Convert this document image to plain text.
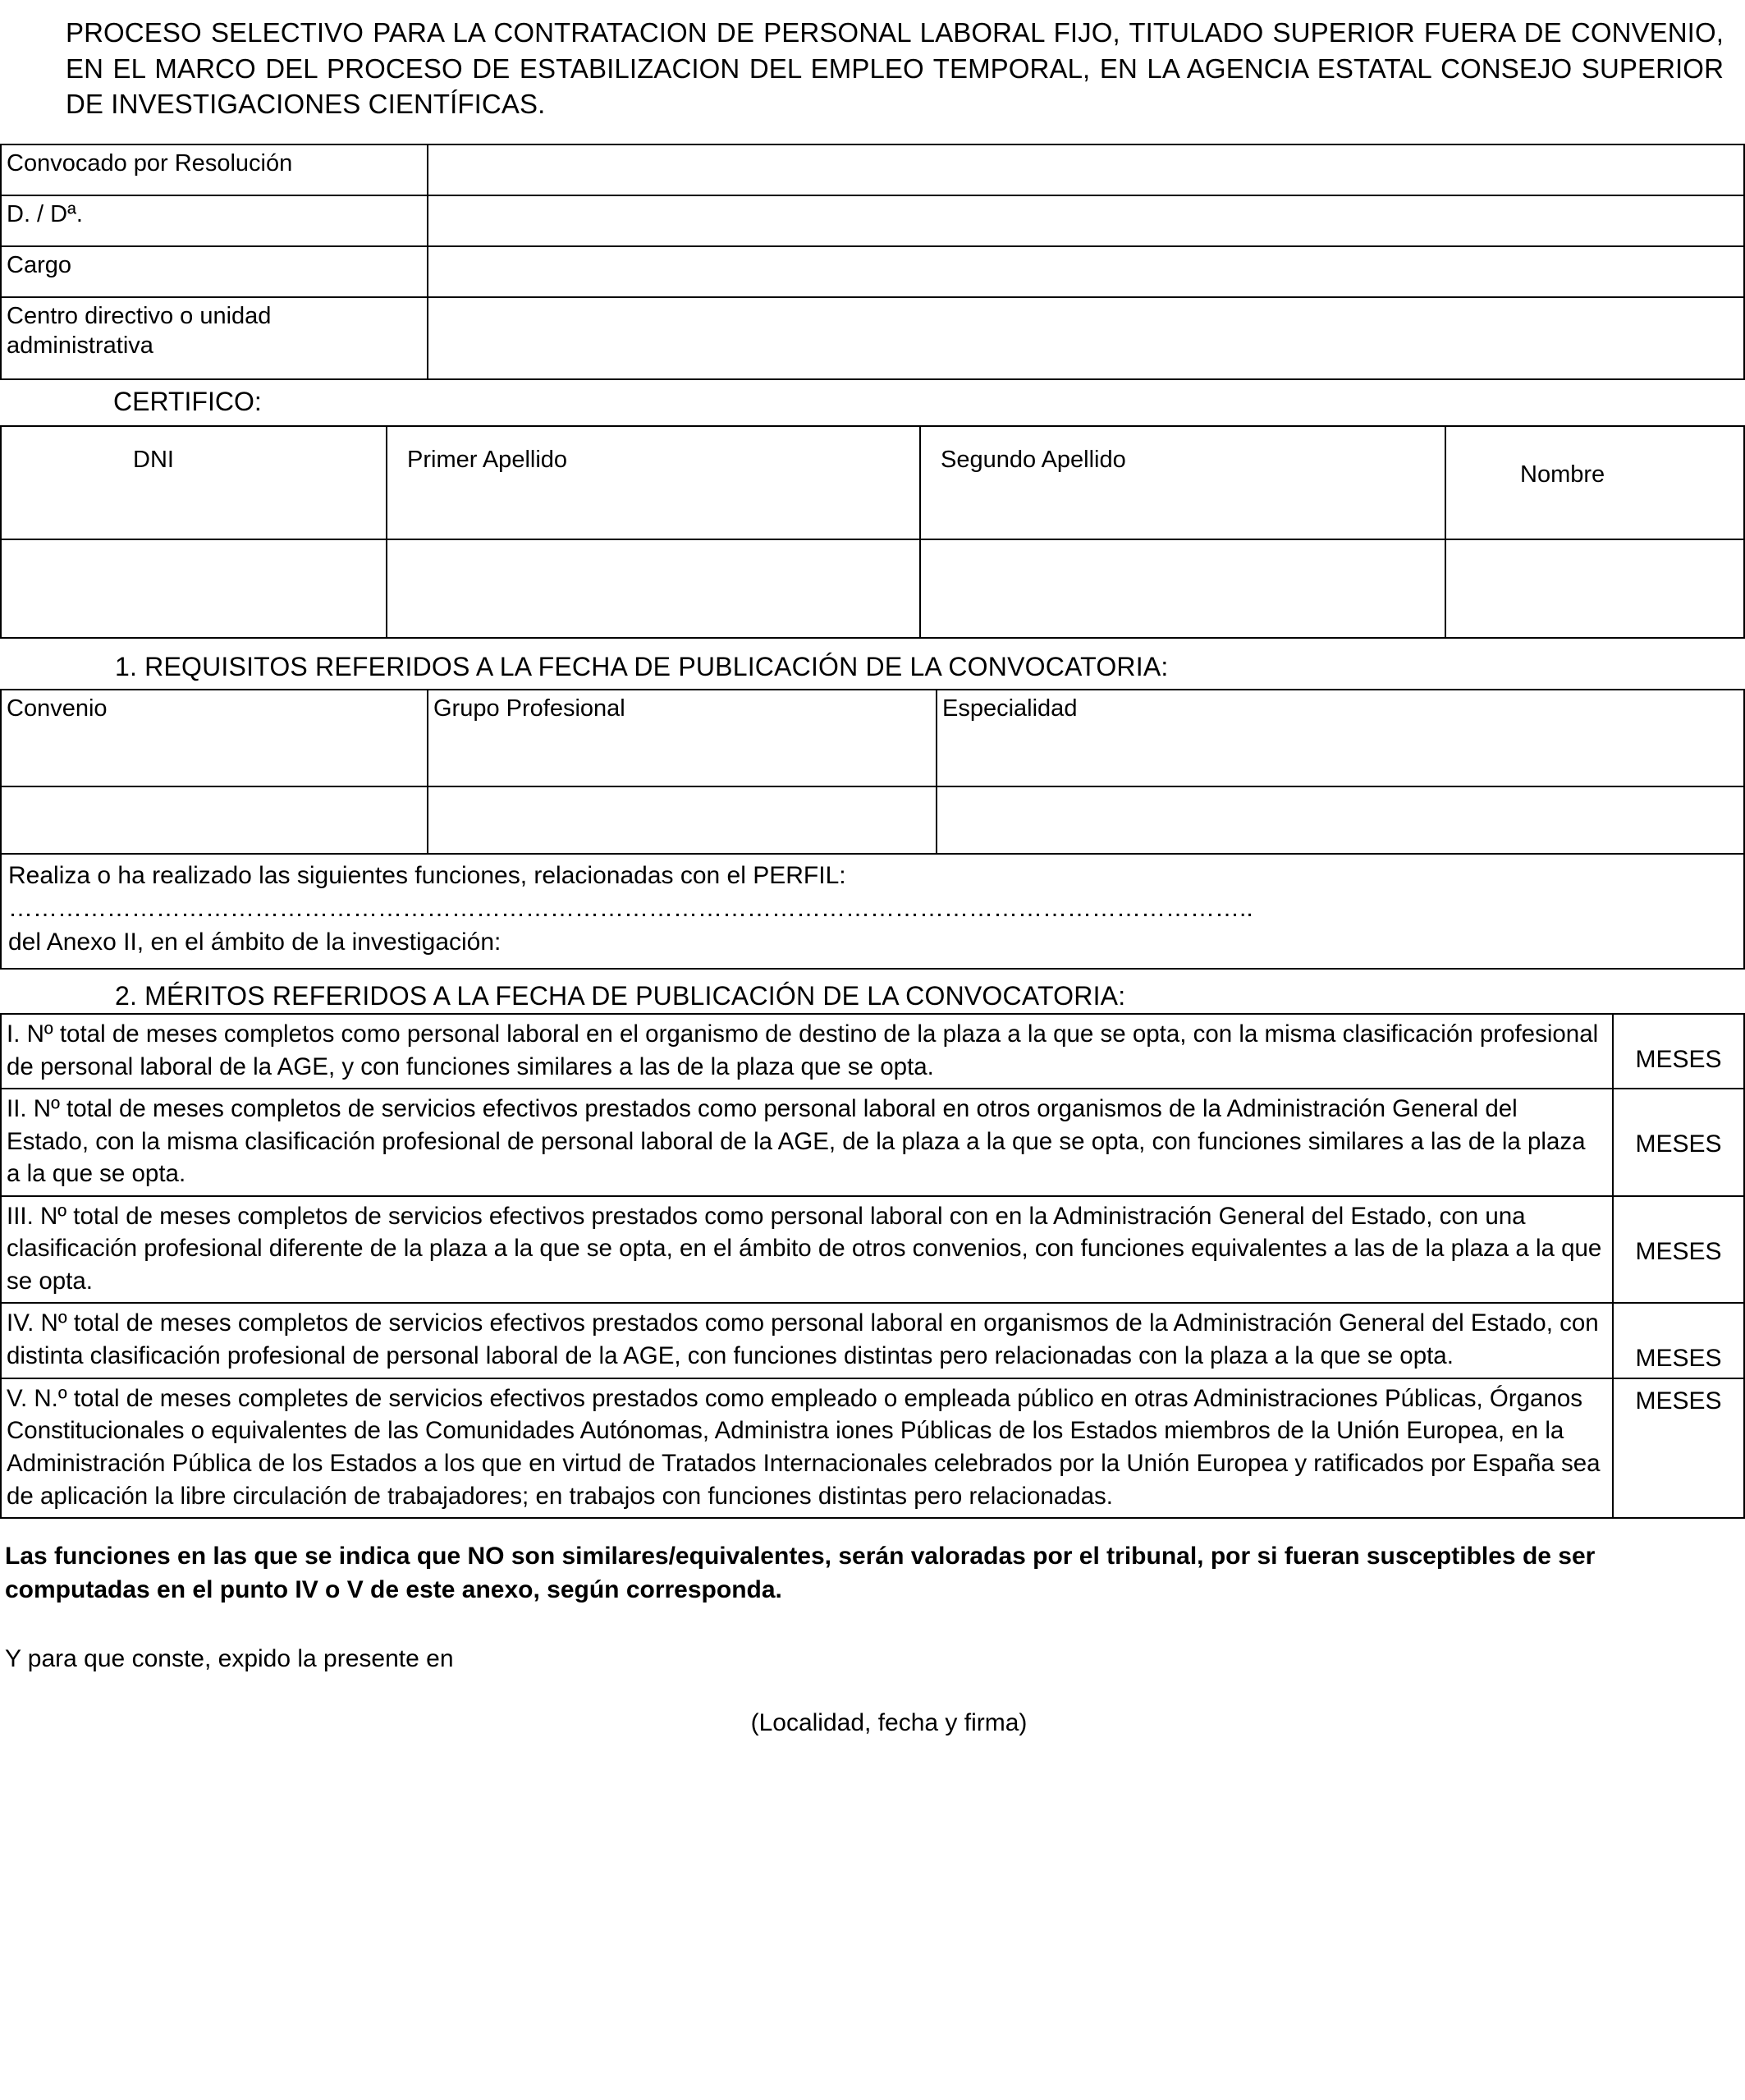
PROCESO SELECTIVO PARA LA CONTRATACION DE PERSONAL LABORAL FIJO, TITULADO SUPERIOR FUERA DE CONVENIO, EN EL MARCO DEL PROCESO DE ESTABILIZACION DEL EMPLEO TEMPORAL, EN LA AGENCIA ESTATAL CONSEJO SUPERIOR DE INVESTIGACIONES CIENTÍFICAS.
Convocado por Resolución	
D. / Dª.	
Cargo	
Centro directivo o unidad administrativa	
CERTIFICO:
DNI	Primer Apellido	Segundo Apellido	Nombre

1. REQUISITOS REFERIDOS A LA FECHA DE PUBLICACIÓN DE LA CONVOCATORIA:
Convenio	Grupo Profesional	Especialidad

Realiza o ha realizado las siguientes funciones, relacionadas con el PERFIL:
……………………………………………………………………………………………………………………………………..
del Anexo II, en el ámbito de la investigación:
2. MÉRITOS REFERIDOS A LA FECHA DE PUBLICACIÓN DE LA CONVOCATORIA:
I. Nº total de meses completos como personal laboral en el organismo de destino de la plaza a la que se opta, con la misma clasificación profesional de personal laboral de la AGE, y con funciones similares a las de la plaza que se opta.	MESES
II. Nº total de meses completos de servicios efectivos prestados como personal laboral en otros organismos de la Administración General del Estado, con la misma clasificación profesional de personal laboral de la AGE, de la plaza a la que se opta, con funciones similares a las de la plaza a la que se opta.	MESES
III. Nº total de meses completos de servicios efectivos prestados como personal laboral con en la Administración General del Estado, con una clasificación profesional diferente de la plaza a la que se opta, en el ámbito de otros convenios, con funciones equivalentes a las de la plaza a la que se opta.	MESES
IV. Nº total de meses completos de servicios efectivos prestados como personal laboral en organismos de la Administración General del Estado, con distinta clasificación profesional de personal laboral de la AGE, con funciones distintas pero relacionadas con la plaza a la que se opta.	MESES
V. N.º total de meses completes de servicios efectivos prestados como empleado o empleada público en otras Administraciones Públicas, Órganos Constitucionales o equivalentes de las Comunidades Autónomas, Administra iones Públicas de los Estados miembros de la Unión Europea, en la Administración Pública de los Estados a los que en virtud de Tratados Internacionales celebrados por la Unión Europea y ratificados por España sea de aplicación la libre circulación de trabajadores; en trabajos con funciones distintas pero relacionadas.	MESES
Las funciones en las que se indica que NO son similares/equivalentes, serán valoradas por el tribunal, por si fueran susceptibles de ser computadas en el punto IV o V de este anexo, según corresponda.
Y para que conste, expido la presente en
(Localidad, fecha y firma)
